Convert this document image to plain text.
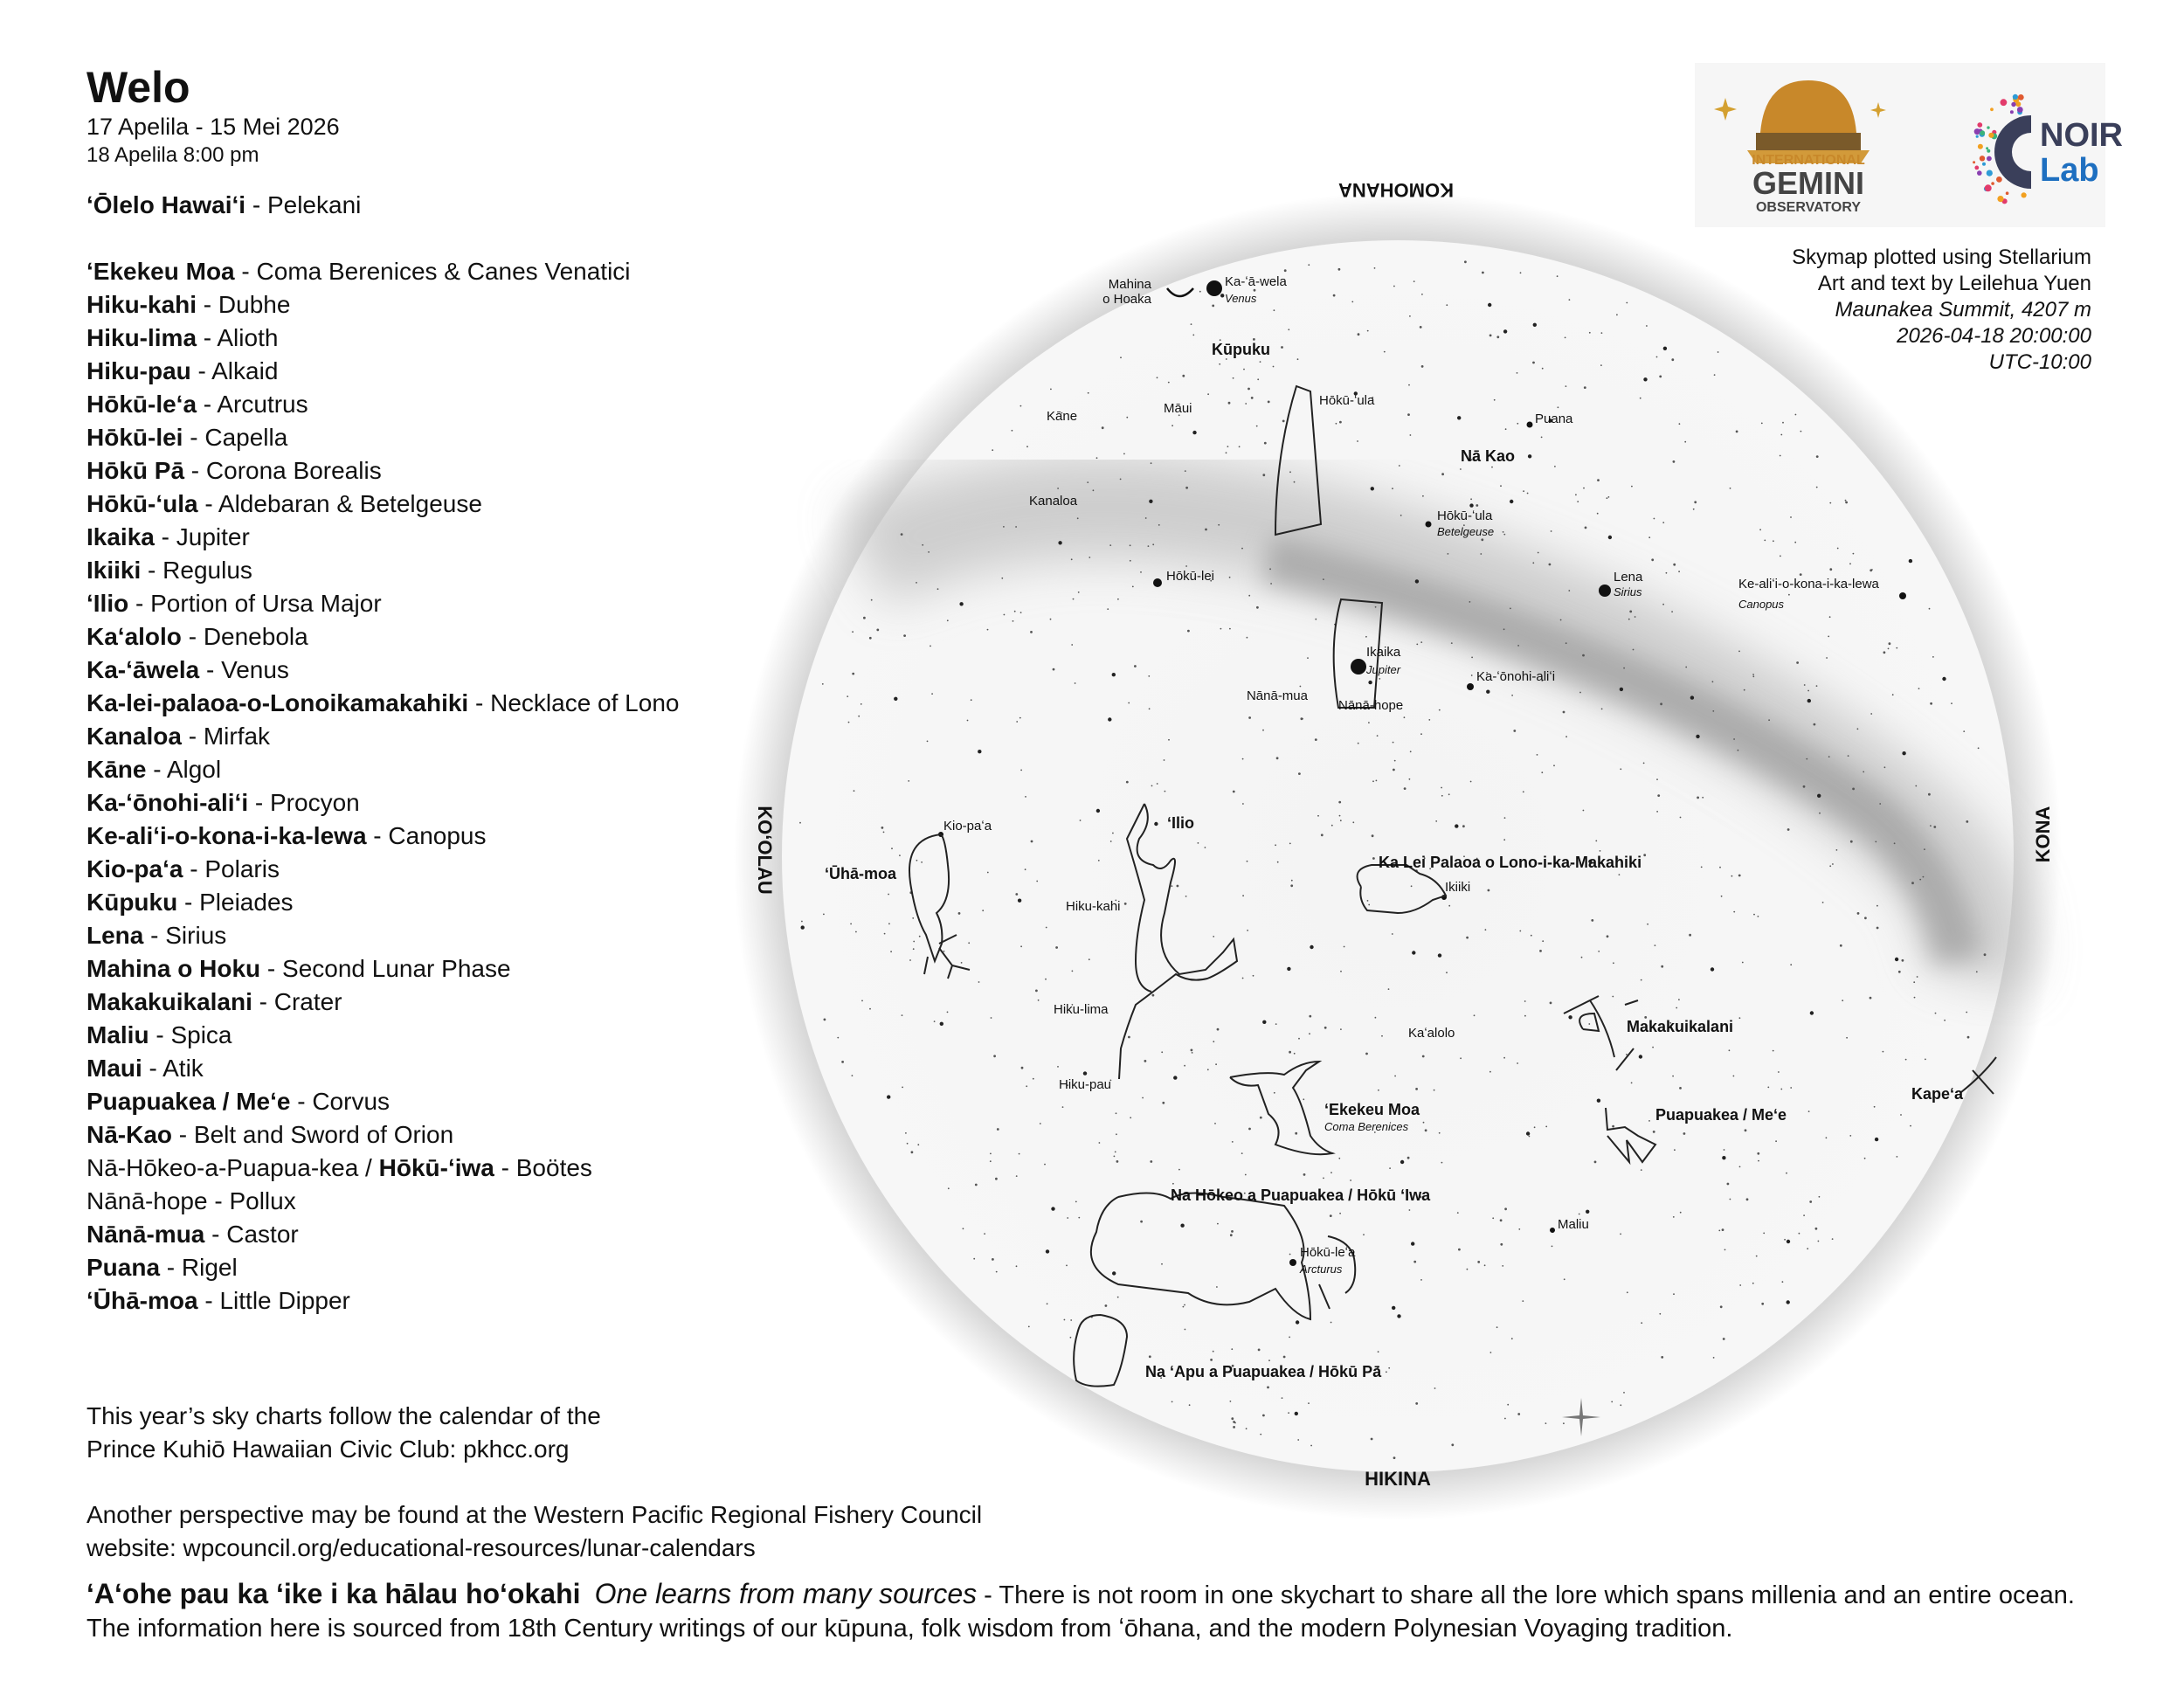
KOMOHANA
HIKINA
KOʻOLAU	KONA
Mahina
o Hoaka
Ka-ʻā-wela
Venus
Kūpuku
Kāne
Māui
Hōkū-ʻula
Puana
Nā Kao
Kanaloa
Hōkū-ʻula
Betelgeuse
Hōkū-lei	Lena
Sirius
Ke-aliʻi-o-kona-i-ka-lewa
Canopus
Ikaika
Jupiter	Ka-ʻōnohi-aliʻi
Nānā-mua
Nānā-hope
Kio-paʻa
ʻŪhā-moa
ʻIlio
Hiku-kahi
Ka Lei Palaoa o Lono-i-ka-Makahiki
Ikiiki
Hiku-lima
Kaʻalolo	Makakuikalani
Hiku-pau
ʻEkekeu Moa
Coma Berenices
Kapeʻa
Puapuakea / Meʻe
Na Hōkeo a Puapuakea / Hōkū ʻIwa
Maliu
Hōkū-leʻa
Arcturus
Na ʻApu a Puapuakea / Hōkū Pā
Welo
17 Apelila - 15 Mei 2026
18 Apelila 8:00 pm
ʻŌlelo Hawaiʻi - Pelekani
ʻEkekeu Moa - Coma Berenices & Canes Venatici
Hiku-kahi - Dubhe
Hiku-lima - Alioth
Hiku-pau - Alkaid
Hōkū-leʻa - Arcutrus
Hōkū-lei - Capella
Hōkū Pā - Corona Borealis
Hōkū-ʻula - Aldebaran & Betelgeuse
Ikaika - Jupiter
Ikiiki - Regulus
ʻIlio - Portion of Ursa Major
Kaʻalolo - Denebola
Ka-ʻāwela - Venus
Ka-lei-palaoa-o-Lonoikamakahiki - Necklace of Lono
Kanaloa - Mirfak
Kāne - Algol
Ka-ʻōnohi-aliʻi - Procyon
Ke-aliʻi-o-kona-i-ka-lewa - Canopus
Kio-paʻa - Polaris
Kūpuku - Pleiades
Lena - Sirius
Mahina o Hoku - Second Lunar Phase
Makakuikalani - Crater
Maliu - Spica
Maui - Atik
Puapuakea / Meʻe - Corvus
Nā-Kao - Belt and Sword of Orion
Nā-Hōkeo-a-Puapua-kea / Hōkū-ʻiwa - Boötes
Nānā-hope - Pollux
Nānā-mua - Castor
Puana - Rigel
ʻŪhā-moa - Little Dipper
This year’s sky charts follow the calendar of the
Prince Kuhiō Hawaiian Civic Club: pkhcc.org
Another perspective may be found at the Western Pacific Regional Fishery Council
website: wpcouncil.org/educational-resources/lunar-calendars
ʻAʻohe pau ka ʻike i ka hālau hoʻokahi One learns from many sources - There is not room in one skychart to share all the lore which spans millenia and an entire ocean.
The information here is sourced from 18th Century writings of our kūpuna, folk wisdom from ʻōhana, and the modern Polynesian Voyaging tradition.
INTERNATIONAL
GEMINI
OBSERVATORY
NOIR
Lab
Skymap plotted using Stellarium
Art and text by Leilehua Yuen
Maunakea Summit, 4207 m
2026-04-18 20:00:00
UTC-10:00
